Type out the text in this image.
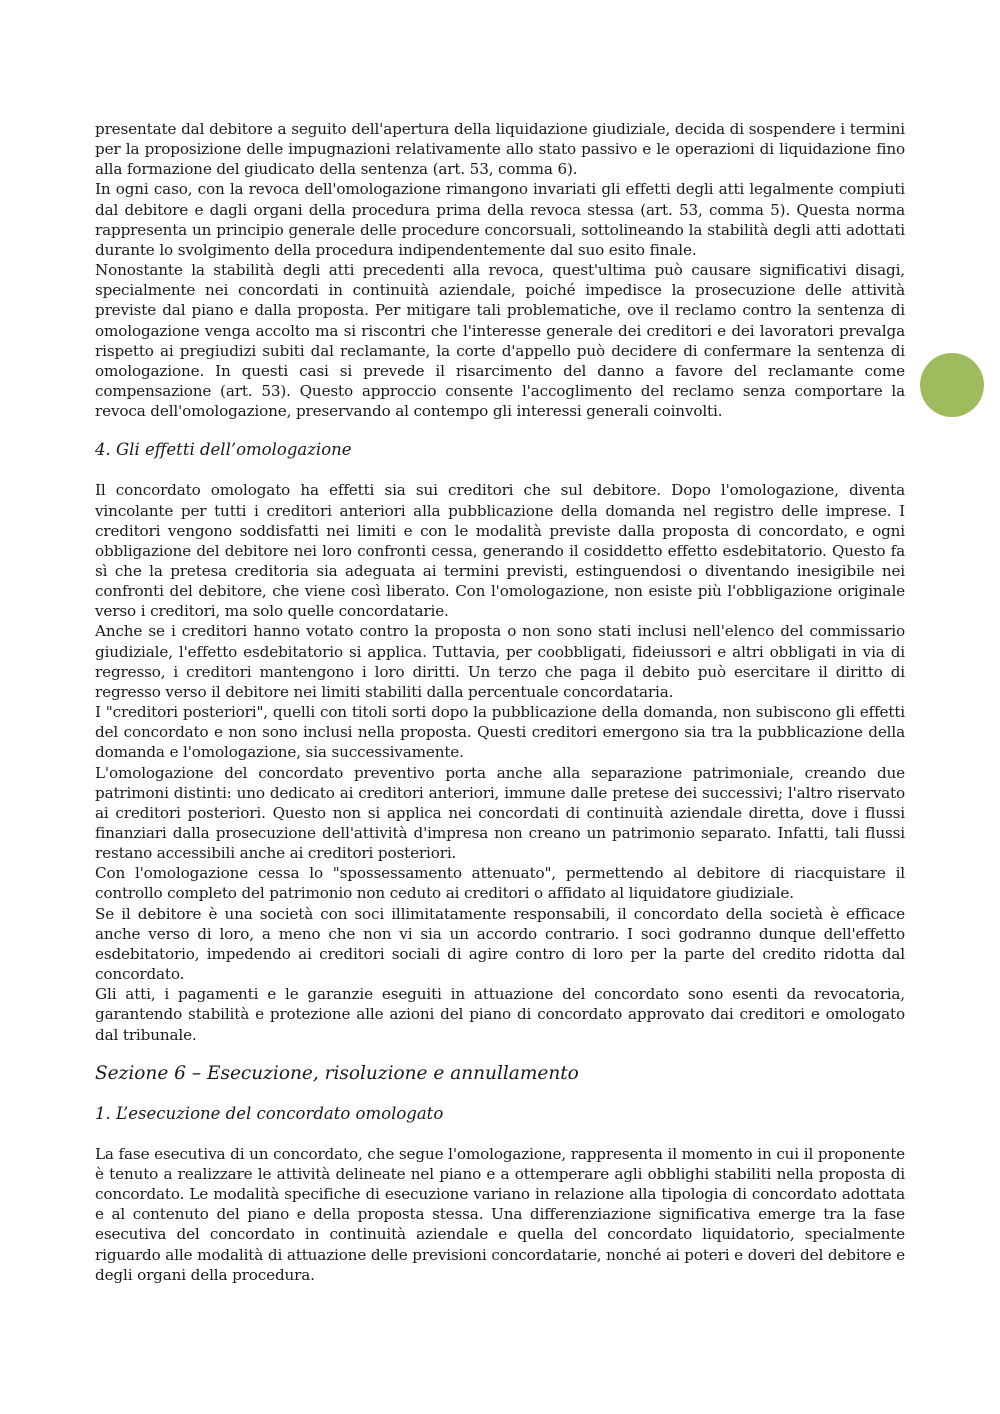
presentate dal debitore a seguito dell'apertura della liquidazione giudiziale, decida di sospendere i termini per la proposizione delle impugnazioni relativamente allo stato passivo e le operazioni di liquidazione fino alla formazione del giudicato della sentenza (art. 53, comma 6).

In ogni caso, con la revoca dell'omologazione rimangono invariati gli effetti degli atti legalmente compiuti dal debitore e dagli organi della procedura prima della revoca stessa (art. 53, comma 5). Questa norma rappresenta un principio generale delle procedure concorsuali, sottolineando la stabilità degli atti adottati durante lo svolgimento della procedura indipendentemente dal suo esito finale.

Nonostante la stabilità degli atti precedenti alla revoca, quest'ultima può causare significativi disagi, specialmente nei concordati in continuità aziendale, poiché impedisce la prosecuzione delle attività previste dal piano e dalla proposta. Per mitigare tali problematiche, ove il reclamo contro la sentenza di omologazione venga accolto ma si riscontri che l'interesse generale dei creditori e dei lavoratori prevalga rispetto ai pregiudizi subiti dal reclamante, la corte d'appello può decidere di confermare la sentenza di omologazione. In questi casi si prevede il risarcimento del danno a favore del reclamante come compensazione (art. 53). Questo approccio consente l'accoglimento del reclamo senza comportare la revoca dell'omologazione, preservando al contempo gli interessi generali coinvolti.

4. Gli effetti dell’omologazione

Il concordato omologato ha effetti sia sui creditori che sul debitore. Dopo l'omologazione, diventa vincolante per tutti i creditori anteriori alla pubblicazione della domanda nel registro delle imprese. I creditori vengono soddisfatti nei limiti e con le modalità previste dalla proposta di concordato, e ogni obbligazione del debitore nei loro confronti cessa, generando il cosiddetto effetto esdebitatorio. Questo fa sì che la pretesa creditoria sia adeguata ai termini previsti, estinguendosi o diventando inesigibile nei confronti del debitore, che viene così liberato. Con l'omologazione, non esiste più l'obbligazione originale verso i creditori, ma solo quelle concordatarie.

Anche se i creditori hanno votato contro la proposta o non sono stati inclusi nell'elenco del commissario giudiziale, l'effetto esdebitatorio si applica. Tuttavia, per coobbligati, fideiussori e altri obbligati in via di regresso, i creditori mantengono i loro diritti. Un terzo che paga il debito può esercitare il diritto di regresso verso il debitore nei limiti stabiliti dalla percentuale concordataria.

I "creditori posteriori", quelli con titoli sorti dopo la pubblicazione della domanda, non subiscono gli effetti del concordato e non sono inclusi nella proposta. Questi creditori emergono sia tra la pubblicazione della domanda e l'omologazione, sia successivamente.

L'omologazione del concordato preventivo porta anche alla separazione patrimoniale, creando due patrimoni distinti: uno dedicato ai creditori anteriori, immune dalle pretese dei successivi; l'altro riservato ai creditori posteriori. Questo non si applica nei concordati di continuità aziendale diretta, dove i flussi finanziari dalla prosecuzione dell'attività d'impresa non creano un patrimonio separato. Infatti, tali flussi restano accessibili anche ai creditori posteriori.

Con l'omologazione cessa lo "spossessamento attenuato", permettendo al debitore di riacquistare il controllo completo del patrimonio non ceduto ai creditori o affidato al liquidatore giudiziale.

Se il debitore è una società con soci illimitatamente responsabili, il concordato della società è efficace anche verso di loro, a meno che non vi sia un accordo contrario. I soci godranno dunque dell'effetto esdebitatorio, impedendo ai creditori sociali di agire contro di loro per la parte del credito ridotta dal concordato.

Gli atti, i pagamenti e le garanzie eseguiti in attuazione del concordato sono esenti da revocatoria, garantendo stabilità e protezione alle azioni del piano di concordato approvato dai creditori e omologato dal tribunale.

Sezione 6 – Esecuzione, risoluzione e annullamento
1. L’esecuzione del concordato omologato

La fase esecutiva di un concordato, che segue l'omologazione, rappresenta il momento in cui il proponente è tenuto a realizzare le attività delineate nel piano e a ottemperare agli obblighi stabiliti nella proposta di concordato. Le modalità specifiche di esecuzione variano in relazione alla tipologia di concordato adottata e al contenuto del piano e della proposta stessa. Una differenziazione significativa emerge tra la fase esecutiva del concordato in continuità aziendale e quella del concordato liquidatorio, specialmente riguardo alle modalità di attuazione delle previsioni concordatarie, nonché ai poteri e doveri del debitore e degli organi della procedura.
